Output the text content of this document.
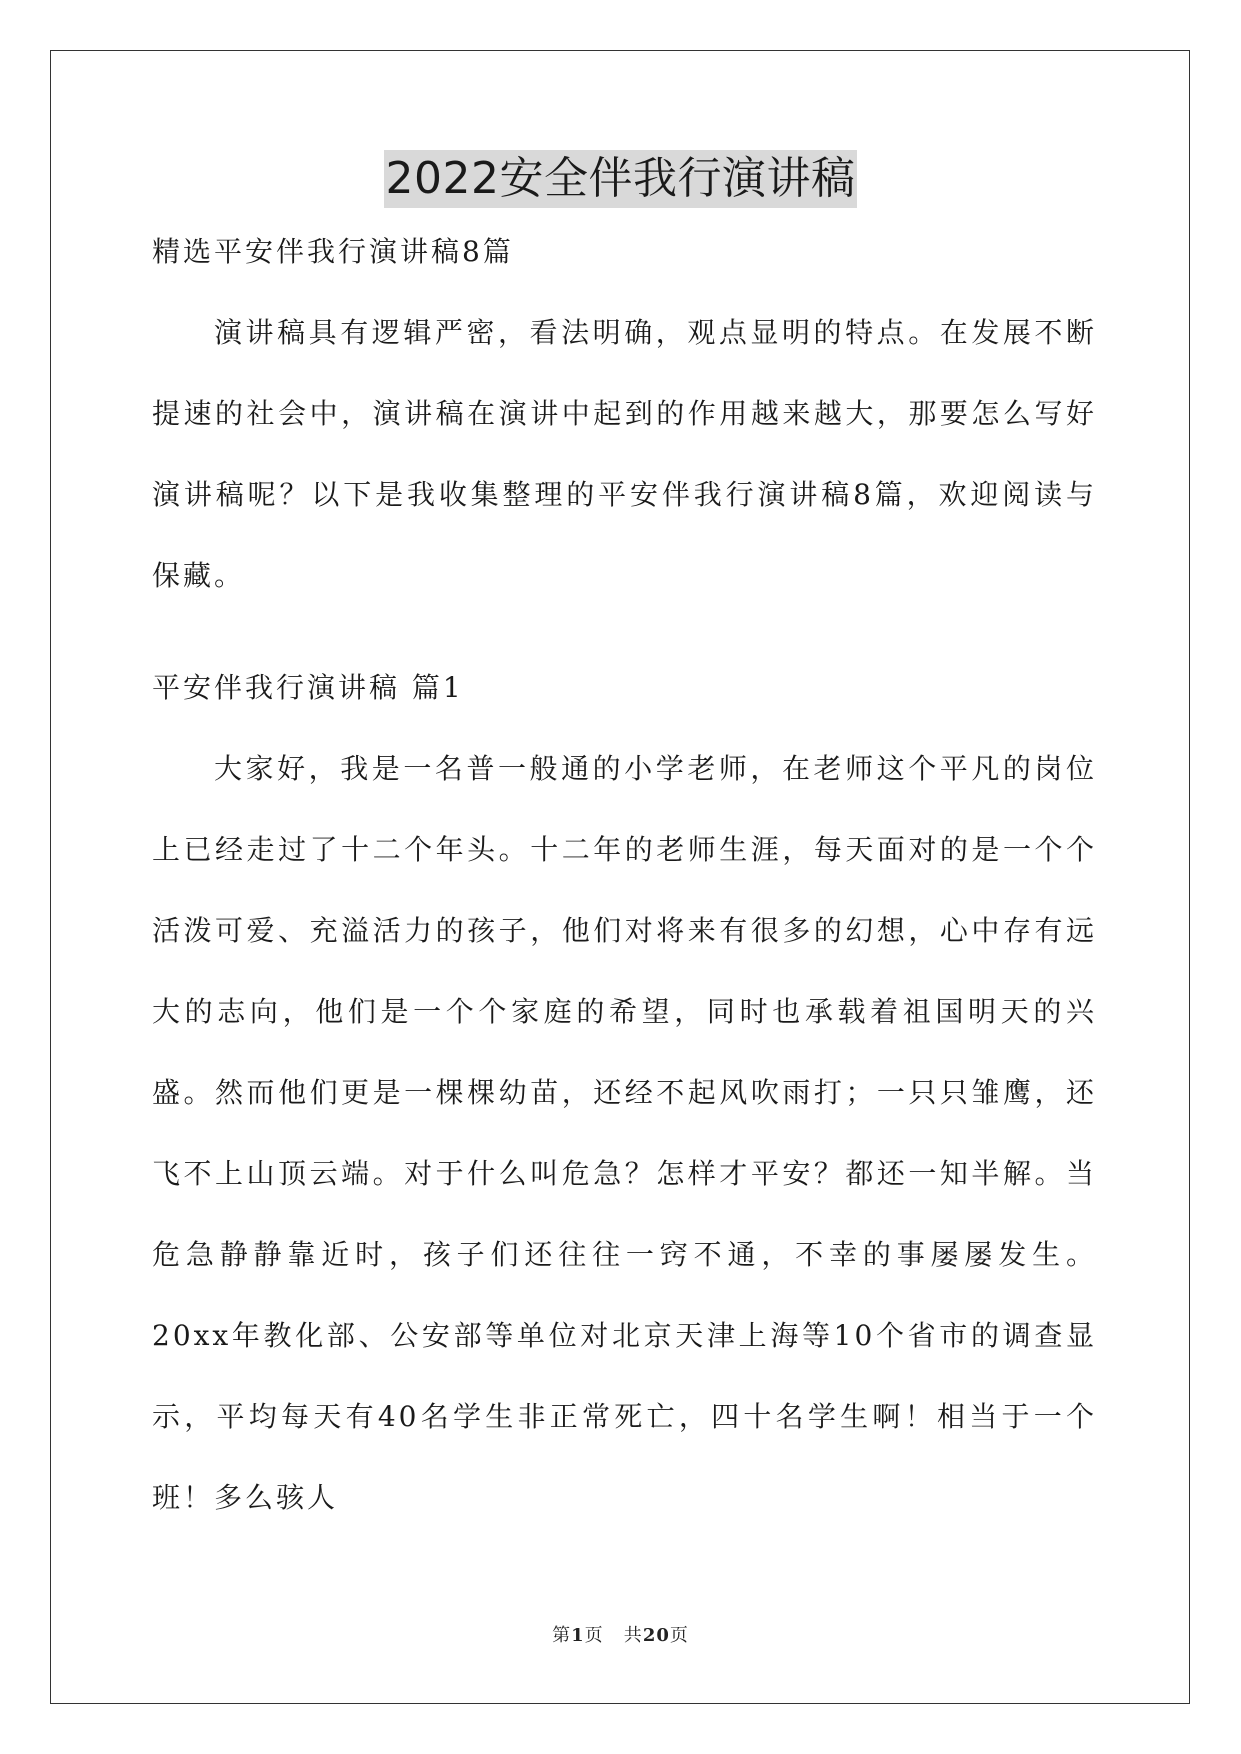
2022安全伴我行演讲稿

精选平安伴我行演讲稿8篇

演讲稿具有逻辑严密，看法明确，观点显明的特点。在发展不断提速的社会中，演讲稿在演讲中起到的作用越来越大，那要怎么写好演讲稿呢？以下是我收集整理的平安伴我行演讲稿8篇，欢迎阅读与保藏。

平安伴我行演讲稿 篇1

大家好，我是一名普一般通的小学老师，在老师这个平凡的岗位上已经走过了十二个年头。十二年的老师生涯，每天面对的是一个个活泼可爱、充溢活力的孩子，他们对将来有很多的幻想，心中存有远大的志向，他们是一个个家庭的希望，同时也承载着祖国明天的兴盛。然而他们更是一棵棵幼苗，还经不起风吹雨打；一只只雏鹰，还飞不上山顶云端。对于什么叫危急？怎样才平安？都还一知半解。当危急静静靠近时，孩子们还往往一窍不通，不幸的事屡屡发生。20xx年教化部、公安部等单位对北京天津上海等10个省市的调查显示，平均每天有40名学生非正常死亡，四十名学生啊！相当于一个班！多么骇人

第1页   共20页
